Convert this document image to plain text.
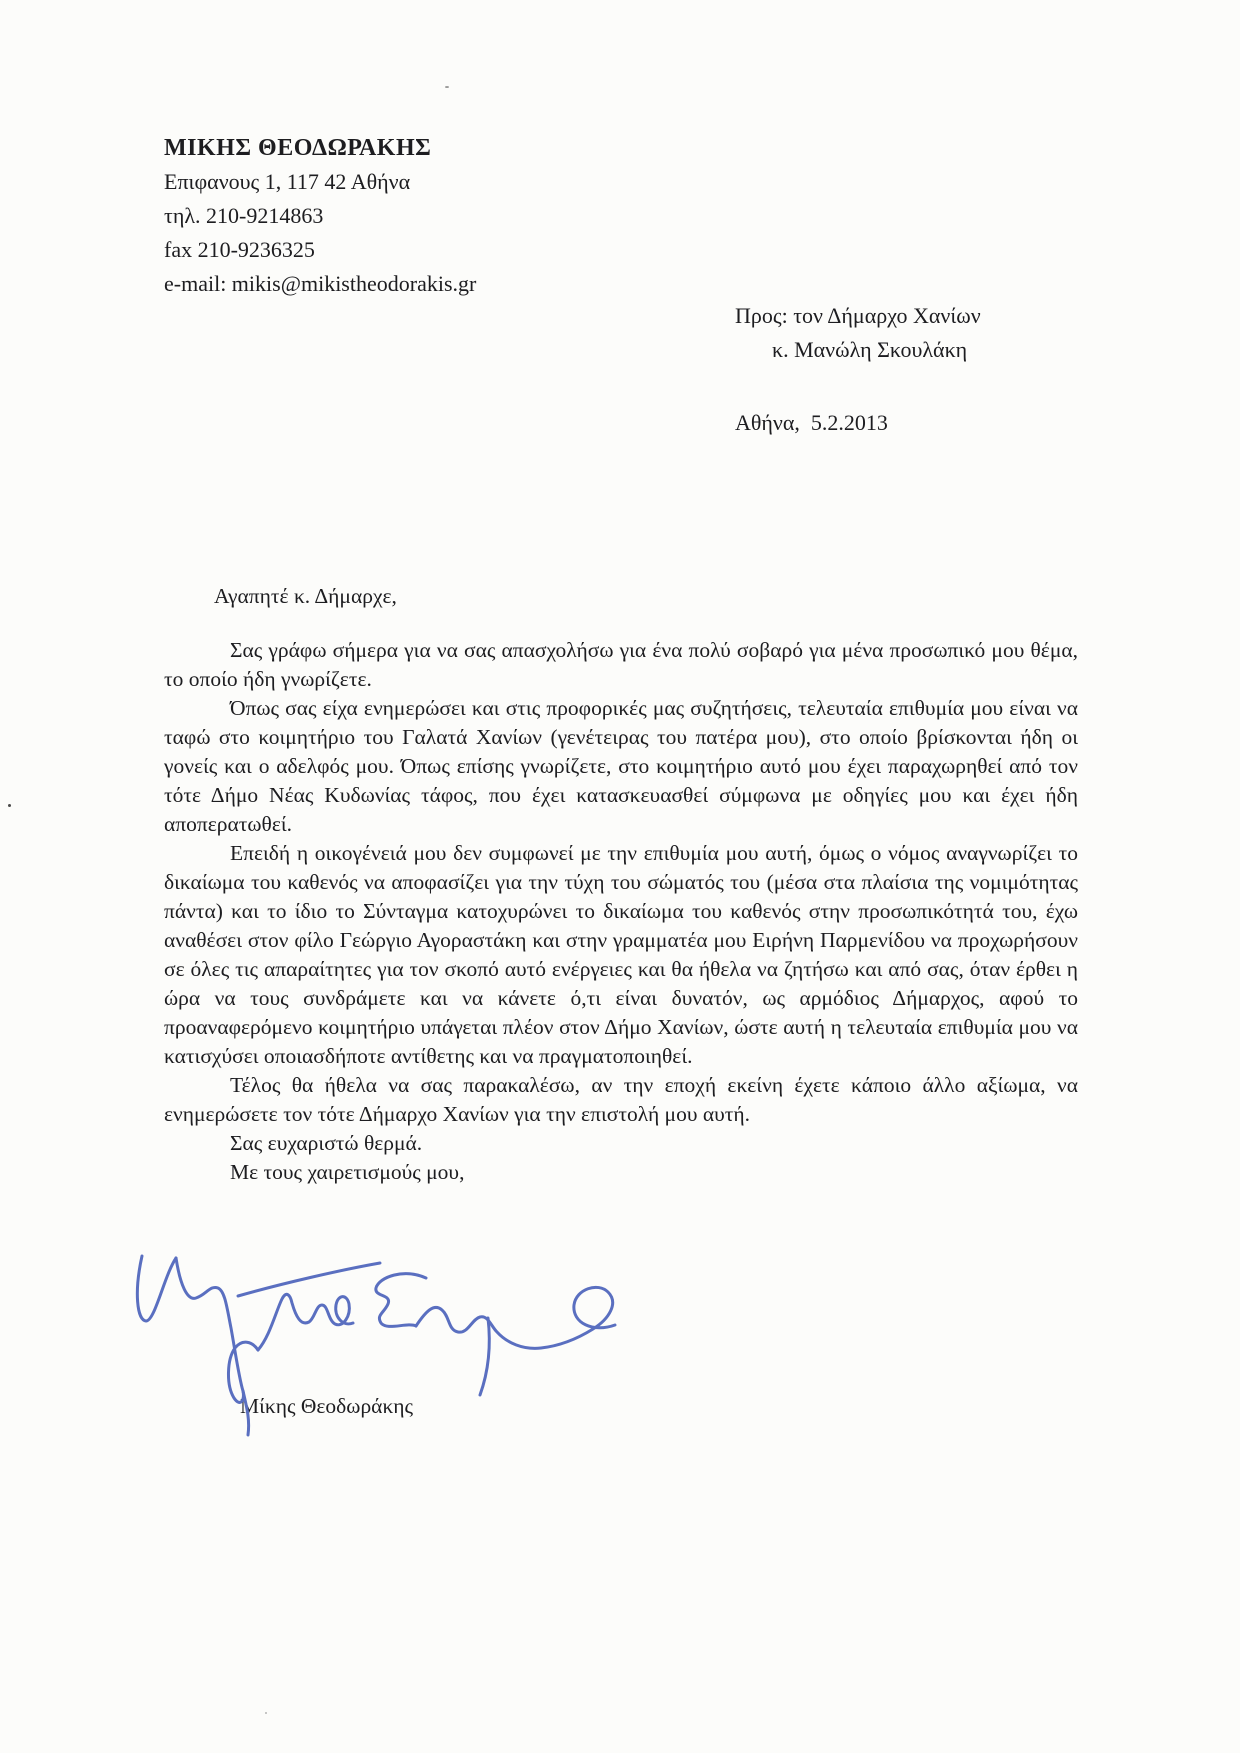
ΜΙΚΗΣ ΘΕΟΔΩΡΑΚΗΣ
Επιφανους 1, 117 42 Αθήνα
τηλ. 210-9214863
fax 210-9236325
e-mail: mikis@mikistheodorakis.gr
Προς: τον Δήμαρχο Χανίων
κ. Μανώλη Σκουλάκη
Αθήνα,  5.2.2013
Αγαπητέ κ. Δήμαρχε,

Σας γράφω σήμερα για να σας απασχολήσω για ένα πολύ σοβαρό για μένα προσωπικό μου θέμα, το οποίο ήδη γνωρίζετε.

Όπως σας είχα ενημερώσει και στις προφορικές μας συζητήσεις, τελευταία επιθυμία μου είναι να ταφώ στο κοιμητήριο του Γαλατά Χανίων (γενέτειρας του πατέρα μου), στο οποίο βρίσκονται ήδη οι γονείς και ο αδελφός μου. Όπως επίσης γνωρίζετε, στο κοιμητήριο αυτό μου έχει παραχωρηθεί από τον τότε Δήμο Νέας Κυδωνίας τάφος, που έχει κατασκευασθεί σύμφωνα με οδηγίες μου και έχει ήδη αποπερατωθεί.

Επειδή η οικογένειά μου δεν συμφωνεί με την επιθυμία μου αυτή, όμως ο νόμος αναγνωρίζει το δικαίωμα του καθενός να αποφασίζει για την τύχη του σώματός του (μέσα στα πλαίσια της νομιμότητας πάντα) και το ίδιο το Σύνταγμα κατοχυρώνει το δικαίωμα του καθενός στην προσωπικότητά του, έχω αναθέσει στον φίλο Γεώργιο Αγοραστάκη και στην γραμματέα μου Ειρήνη Παρμενίδου να προχωρήσουν σε όλες τις απαραίτητες για τον σκοπό αυτό ενέργειες και θα ήθελα να ζητήσω και από σας, όταν έρθει η ώρα να τους συνδράμετε και να κάνετε ό,τι είναι δυνατόν, ως αρμόδιος Δήμαρχος, αφού το προαναφερόμενο κοιμητήριο υπάγεται πλέον στον Δήμο Χανίων, ώστε αυτή η τελευταία επιθυμία μου να κατισχύσει οποιασδήποτε αντίθετης και να πραγματοποιηθεί.

Τέλος θα ήθελα να σας παρακαλέσω, αν την εποχή εκείνη έχετε κάποιο άλλο αξίωμα, να ενημερώσετε τον τότε Δήμαρχο Χανίων για την επιστολή μου αυτή.

Σας ευχαριστώ θερμά.

Με τους χαιρετισμούς μου,

Μίκης Θεοδωράκης
